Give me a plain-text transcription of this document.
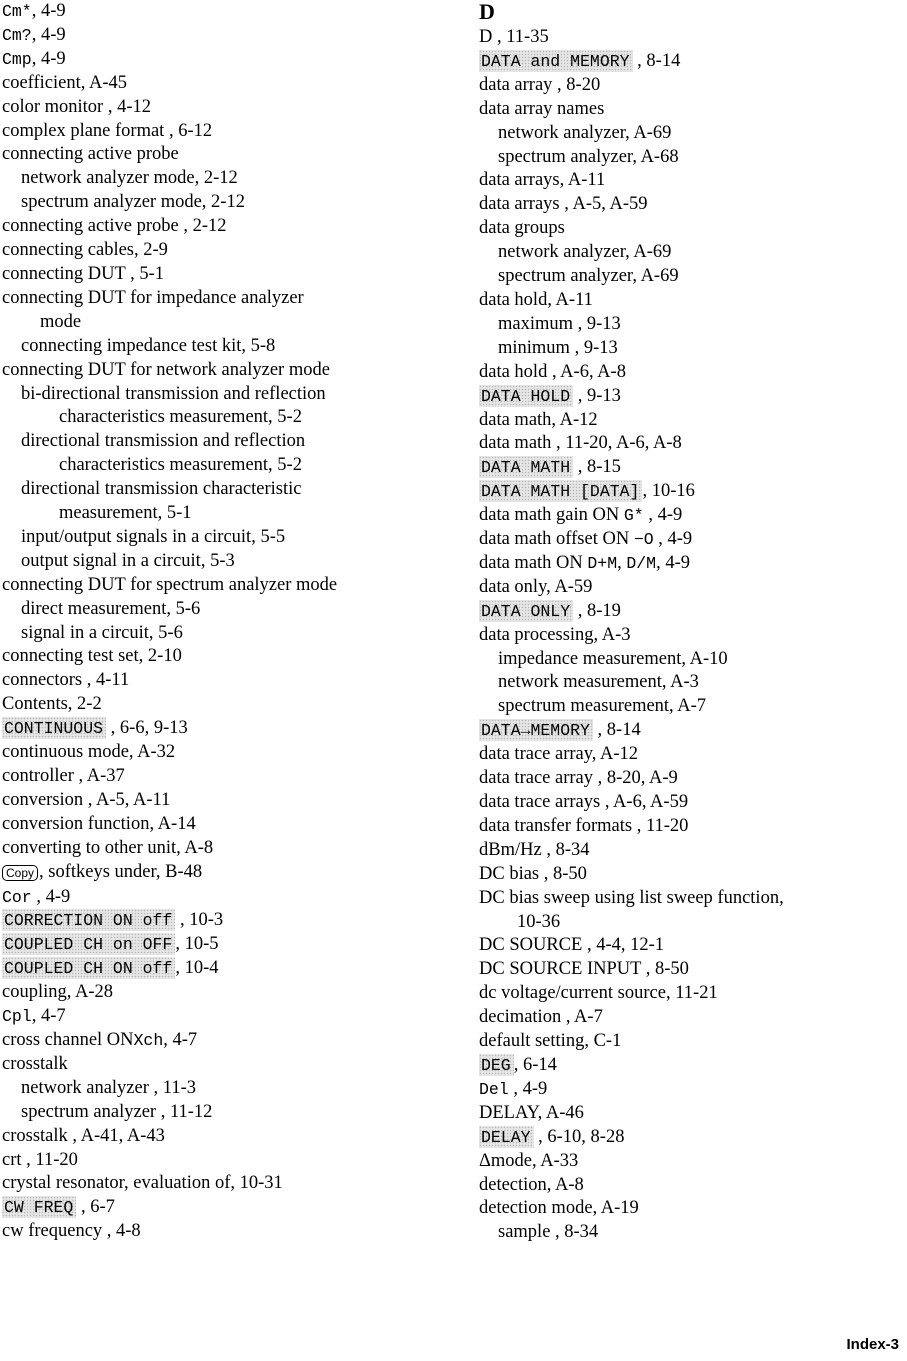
Cm*, 4-9
Cm?, 4-9
Cmp, 4-9
coefficient, A-45
color monitor , 4-12
complex plane format , 6-12
connecting active probe
network analyzer mode, 2-12
spectrum analyzer mode, 2-12
connecting active probe , 2-12
connecting cables, 2-9
connecting DUT , 5-1
connecting DUT for impedance analyzer
mode
connecting impedance test kit, 5-8
connecting DUT for network analyzer mode
bi-directional transmission and reflection
characteristics measurement, 5-2
directional transmission and reflection
characteristics measurement, 5-2
directional transmission characteristic
measurement, 5-1
input/output signals in a circuit, 5-5
output signal in a circuit, 5-3
connecting DUT for spectrum analyzer mode
direct measurement, 5-6
signal in a circuit, 5-6
connecting test set, 2-10
connectors , 4-11
Contents, 2-2
CONTINUOUS , 6-6, 9-13
continuous mode, A-32
controller , A-37
conversion , A-5, A-11
conversion function, A-14
converting to other unit, A-8
Copy , softkeys under, B-48
Cor , 4-9
CORRECTION ON off , 10-3
COUPLED CH on OFF , 10-5
COUPLED CH ON off , 10-4
coupling, A-28
Cpl, 4-7
cross channel ONXch, 4-7
crosstalk
network analyzer , 11-3
spectrum analyzer , 11-12
crosstalk , A-41, A-43
crt , 11-20
crystal resonator, evaluation of, 10-31
CW FREQ , 6-7
cw frequency , 4-8
D
D , 11-35
DATA and MEMORY , 8-14
data array , 8-20
data array names
network analyzer, A-69
spectrum analyzer, A-68
data arrays, A-11
data arrays , A-5, A-59
data groups
network analyzer, A-69
spectrum analyzer, A-69
data hold, A-11
maximum , 9-13
minimum , 9-13
data hold , A-6, A-8
DATA HOLD , 9-13
data math, A-12
data math , 11-20, A-6, A-8
DATA MATH , 8-15
DATA MATH [DATA] , 10-16
data math gain ON G* , 4-9
data math offset ON −O , 4-9
data math ON D+M, D/M, 4-9
data only, A-59
DATA ONLY , 8-19
data processing, A-3
impedance measurement, A-10
network measurement, A-3
spectrum measurement, A-7
DATA→MEMORY , 8-14
data trace array, A-12
data trace array , 8-20, A-9
data trace arrays , A-6, A-59
data transfer formats , 11-20
dBm/Hz , 8-34
DC bias , 8-50
DC bias sweep using list sweep function,
10-36
DC SOURCE , 4-4, 12-1
DC SOURCE INPUT , 8-50
dc voltage/current source, 11-21
decimation , A-7
default setting, C-1
DEG , 6-14
Del , 4-9
DELAY, A-46
DELAY , 6-10, 8-28
Δmode, A-33
detection, A-8
detection mode, A-19
sample , 8-34
Index-3
